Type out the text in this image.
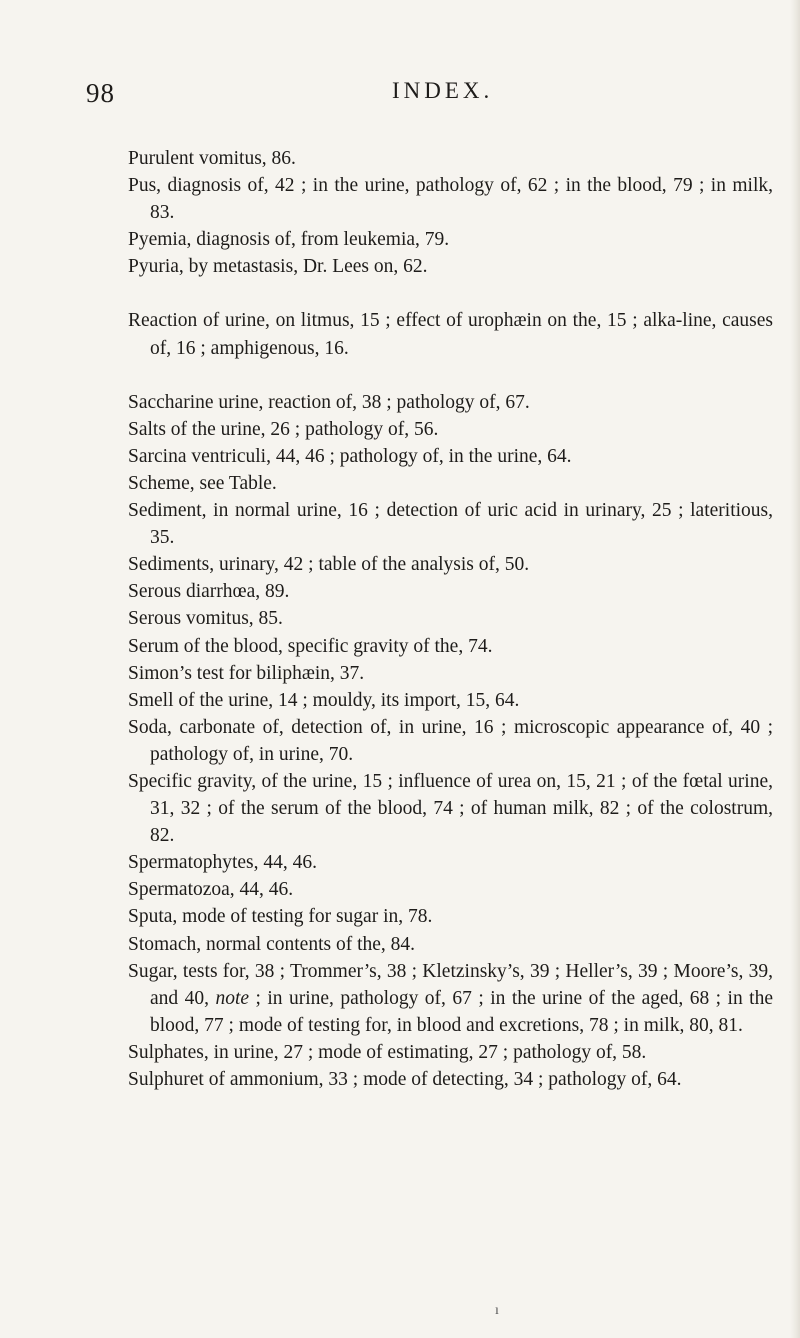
98	INDEX.
Purulent vomitus, 86.
Pus, diagnosis of, 42 ; in the urine, pathology of, 62 ; in the blood, 79 ; in milk, 83.
Pyemia, diagnosis of, from leukemia, 79.
Pyuria, by metastasis, Dr. Lees on, 62.
Reaction of urine, on litmus, 15 ; effect of urophæin on the, 15 ; alka-line, causes of, 16 ; amphigenous, 16.
Saccharine urine, reaction of, 38 ; pathology of, 67.
Salts of the urine, 26 ; pathology of, 56.
Sarcina ventriculi, 44, 46 ; pathology of, in the urine, 64.
Scheme, see Table.
Sediment, in normal urine, 16 ; detection of uric acid in urinary, 25 ; lateritious, 35.
Sediments, urinary, 42 ; table of the analysis of, 50.
Serous diarrhœa, 89.
Serous vomitus, 85.
Serum of the blood, specific gravity of the, 74.
Simon’s test for biliphæin, 37.
Smell of the urine, 14 ; mouldy, its import, 15, 64.
Soda, carbonate of, detection of, in urine, 16 ; microscopic appearance of, 40 ; pathology of, in urine, 70.
Specific gravity, of the urine, 15 ; influence of urea on, 15, 21 ; of the fœtal urine, 31, 32 ; of the serum of the blood, 74 ; of human milk, 82 ; of the colostrum, 82.
Spermatophytes, 44, 46.
Spermatozoa, 44, 46.
Sputa, mode of testing for sugar in, 78.
Stomach, normal contents of the, 84.
Sugar, tests for, 38 ; Trommer’s, 38 ; Kletzinsky’s, 39 ; Heller’s, 39 ; Moore’s, 39, and 40, note ; in urine, pathology of, 67 ; in the urine of the aged, 68 ; in the blood, 77 ; mode of testing for, in blood and excretions, 78 ; in milk, 80, 81.
Sulphates, in urine, 27 ; mode of estimating, 27 ; pathology of, 58.
Sulphuret of ammonium, 33 ; mode of detecting, 34 ; pathology of, 64.
ı
